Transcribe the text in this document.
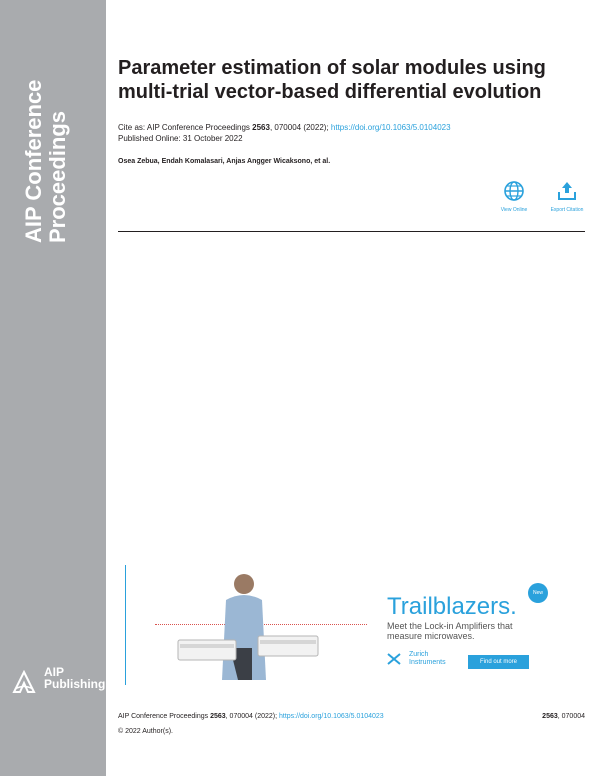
AIP Conference Proceedings
AIP
Publishing
Parameter estimation of solar modules using multi-trial vector-based differential evolution
Cite as: AIP Conference Proceedings 2563, 070004 (2022); https://doi.org/10.1063/5.0104023
Published Online: 31 October 2022
Osea Zebua, Endah Komalasari, Anjas Angger Wicaksono, et al.
View Online	Export Citation
Trailblazers.	New
Meet the Lock-in Amplifiers that measure microwaves.
Zurich
Instruments	Find out more
AIP Conference Proceedings 2563, 070004 (2022); https://doi.org/10.1063/5.0104023	2563, 070004
© 2022 Author(s).
